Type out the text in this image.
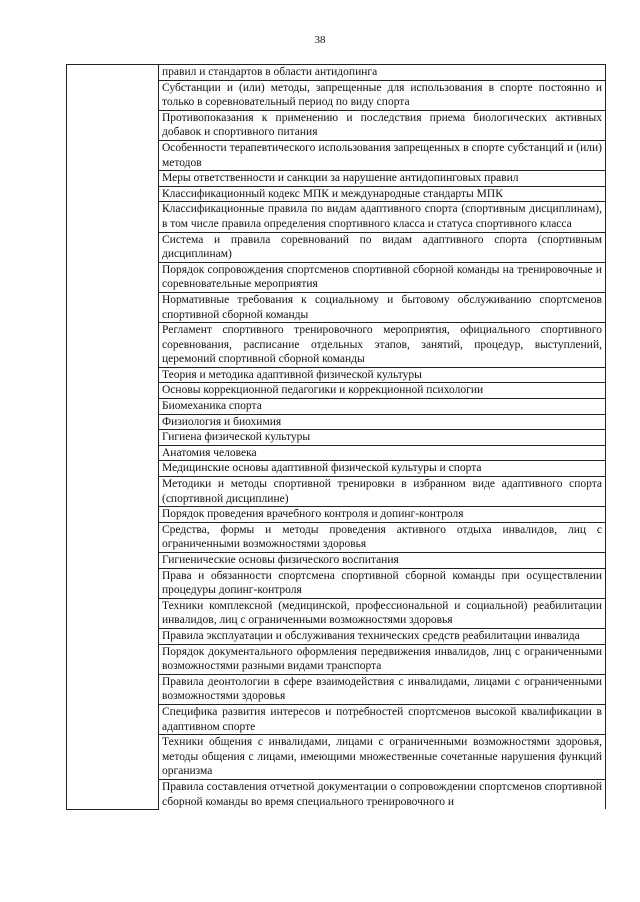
38
	правил и стандартов в области антидопинга
Субстанции и (или) методы, запрещенные для использования в спорте постоянно и только в соревновательный период по виду спорта
Противопоказания к применению и последствия приема биологических активных добавок и спортивного питания
Особенности терапевтического использования запрещенных в спорте субстанций и (или) методов
Меры ответственности и санкции за нарушение антидопинговых правил
Классификационный кодекс МПК и международные стандарты МПК
Классификационные правила по видам адаптивного спорта (спортивным дисциплинам), в том числе правила определения спортивного класса и статуса спортивного класса
Система и правила соревнований по видам адаптивного спорта (спортивным дисциплинам)
Порядок сопровождения спортсменов спортивной сборной команды на тренировочные и соревновательные мероприятия
Нормативные требования к социальному и бытовому обслуживанию спортсменов спортивной сборной команды
Регламент спортивного тренировочного мероприятия, официального спортивного соревнования, расписание отдельных этапов, занятий, процедур, выступлений, церемоний спортивной сборной команды
Теория и методика адаптивной физической культуры
Основы коррекционной педагогики и коррекционной психологии
Биомеханика спорта
Физиология и биохимия
Гигиена физической культуры
Анатомия человека
Медицинские основы адаптивной физической культуры и спорта
Методики и методы спортивной тренировки в избранном виде адаптивного спорта (спортивной дисциплине)
Порядок проведения врачебного контроля и допинг-контроля
Средства, формы и методы проведения активного отдыха инвалидов, лиц с ограниченными возможностями здоровья
Гигиенические основы физического воспитания
Права и обязанности спортсмена спортивной сборной команды при осуществлении процедуры допинг-контроля
Техники комплексной (медицинской, профессиональной и социальной) реабилитации инвалидов, лиц с ограниченными возможностями здоровья
Правила эксплуатации и обслуживания технических средств реабилитации инвалида
Порядок документального оформления передвижения инвалидов, лиц с ограниченными возможностями разными видами транспорта
Правила деонтологии в сфере взаимодействия с инвалидами, лицами с ограниченными возможностями здоровья
Специфика развития интересов и потребностей спортсменов высокой квалификации в адаптивном спорте
Техники общения с инвалидами, лицами с ограниченными возможностями здоровья, методы общения с лицами, имеющими множественные сочетанные нарушения функций организма
Правила составления отчетной документации о сопровождении спортсменов спортивной сборной команды во время специального тренировочного и
